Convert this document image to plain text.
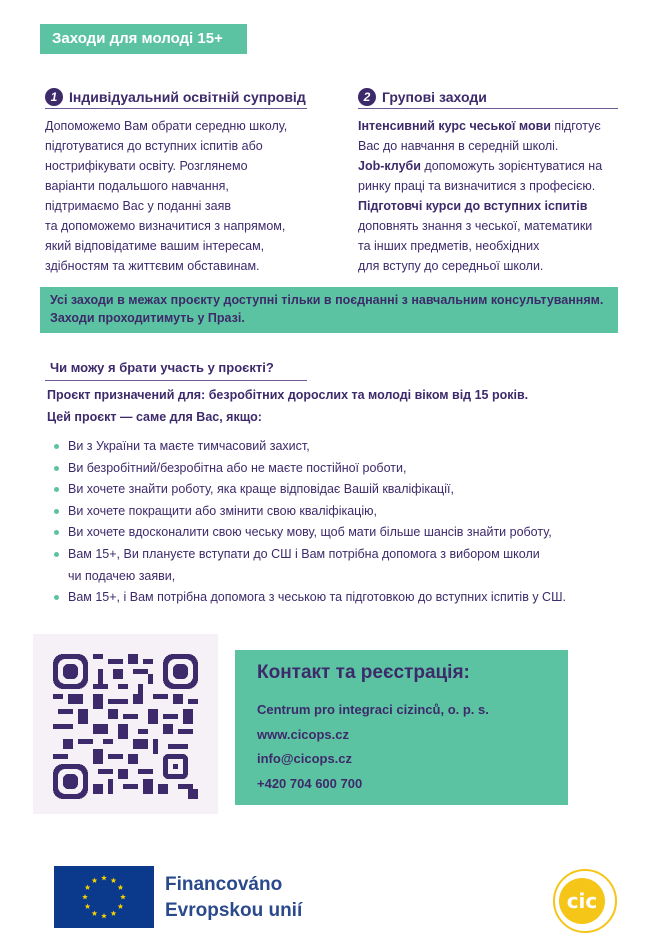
Заходи для молоді 15+
1 Індивідуальний освітній супровід
Допоможемо Вам обрати середню школу,
підготуватися до вступних іспитів або
нострифікувати освіту. Розглянемо
варіанти подальшого навчання,
підтримаємо Вас у поданні заяв
та допоможемо визначитися з напрямом,
який відповідатиме вашим інтересам,
здібностям та життєвим обставинам.
2 Групові заходи

Інтенсивний курс чеської мови підготує
Вас до навчання в середній школі.

Job-клуби допоможуть зорієнтуватися на
ринку праці та визначитися з професією.

Підготовчі курси до вступних іспитів
доповнять знання з чеської, математики
та інших предметів, необхідних
для вступу до середньої школи.

Усі заходи в межах проєкту доступні тільки в поєднанні з навчальним консультуванням.
Заходи проходитимуть у Празі.
Чи можу я брати участь у проєкті?
Проєкт призначений для: безробітних дорослих та молоді віком від 15 років.
Цей проєкт — саме для Вас, якщо:
Ви з України та маєте тимчасовий захист,
Ви безробітний/безробітна або не маєте постійної роботи,
Ви хочете знайти роботу, яка краще відповідає Вашій кваліфікації,
Ви хочете покращити або змінити свою кваліфікацію,
Ви хочете вдосконалити свою чеську мову, щоб мати більше шансів знайти роботу,
Вам 15+, Ви плануєте вступати до СШ і Вам потрібна допомога з вибором школи
чи подачею заяви,
Вам 15+, і Вам потрібна допомога з чеською та підготовкою до вступних іспитів у СШ.
Контакт та реєстрація:
Centrum pro integraci cizinců, o. p. s.
www.cicops.cz
info@cicops.cz
+420 704 600 700
Financováno
Evropskou unií	cic
